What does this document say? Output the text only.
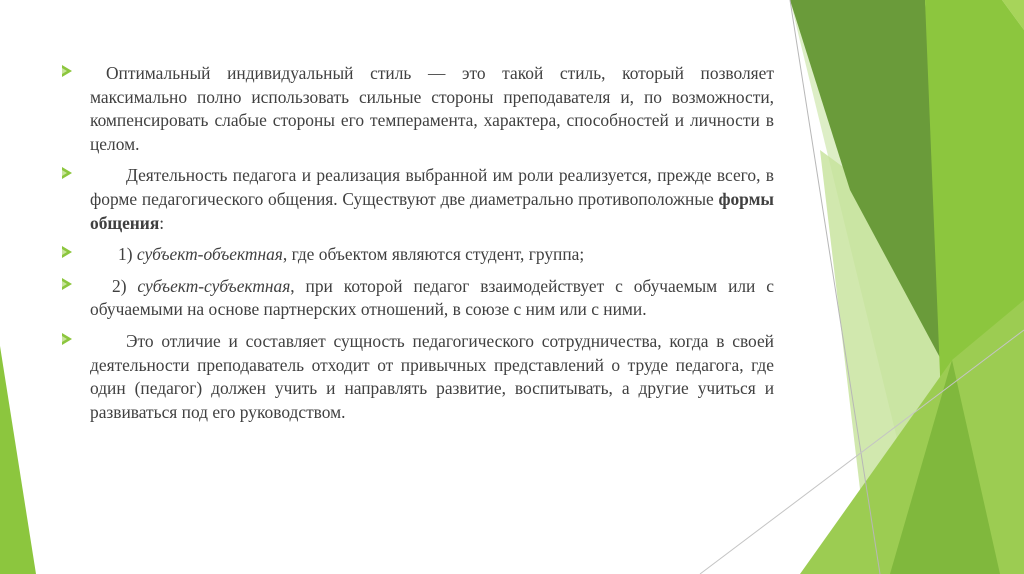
Оптимальный индивидуальный стиль — это такой стиль, который позволяет максимально полно использовать сильные стороны преподавателя и, по возможности, компенсировать слабые стороны его темперамента, характера, способностей и личности в целом.

Деятельность педагога и реализация выбранной им роли реализуется, прежде всего, в форме педагогического общения. Существуют две диаметрально противоположные формы общения:

1) субъект-объектная, где объектом являются студент, группа;

2) субъект-субъектная, при которой педагог взаимодействует с обучаемым или с обучаемыми на основе партнерских отношений, в союзе с ним или с ними.

Это отличие и составляет сущность педагогического сотрудничества, когда в своей деятельности преподаватель отходит от привычных представлений о труде педагога, где один (педагог) должен учить и направлять развитие, воспитывать, а другие учиться и развиваться под его руководством.
